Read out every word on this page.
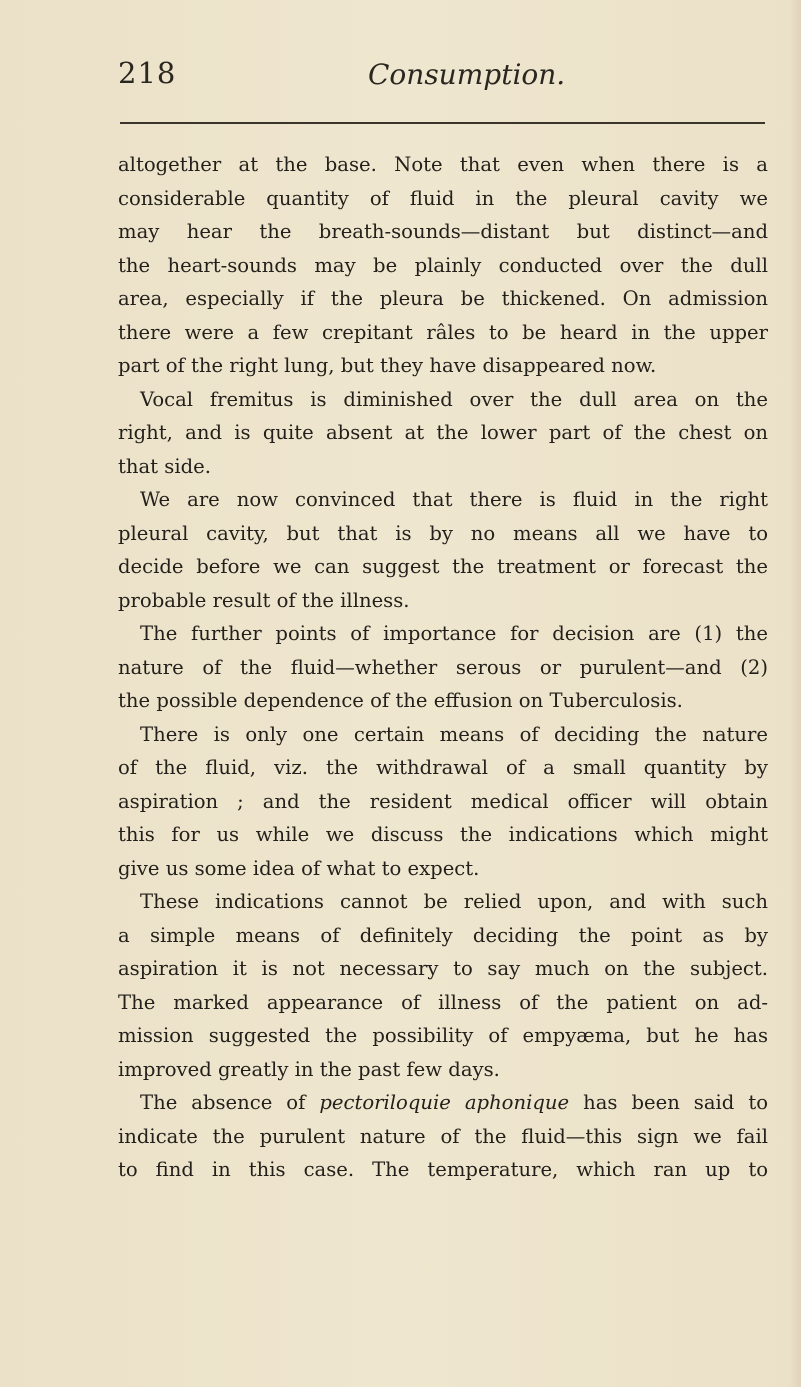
218	Consumption.
altogether at the base. Note that even when there is a
considerable quantity of fluid in the pleural cavity we
may hear the breath-sounds—distant but distinct—and
the heart-sounds may be plainly conducted over the dull
area, especially if the pleura be thickened. On admission
there were a few crepitant râles to be heard in the upper
part of the right lung, but they have disappeared now.
Vocal fremitus is diminished over the dull area on the
right, and is quite absent at the lower part of the chest on
that side.
We are now convinced that there is fluid in the right
pleural cavity, but that is by no means all we have to
decide before we can suggest the treatment or forecast the
probable result of the illness.
The further points of importance for decision are (1) the
nature of the fluid—whether serous or purulent—and (2)
the possible dependence of the effusion on Tuberculosis.
There is only one certain means of deciding the nature
of the fluid, viz. the withdrawal of a small quantity by
aspiration ; and the resident medical officer will obtain
this for us while we discuss the indications which might
give us some idea of what to expect.
These indications cannot be relied upon, and with such
a simple means of definitely deciding the point as by
aspiration it is not necessary to say much on the subject.
The marked appearance of illness of the patient on ad-
mission suggested the possibility of empyæma, but he has
improved greatly in the past few days.
The absence of pectoriloquie aphonique has been said to
indicate the purulent nature of the fluid—this sign we fail
to find in this case. The temperature, which ran up to
